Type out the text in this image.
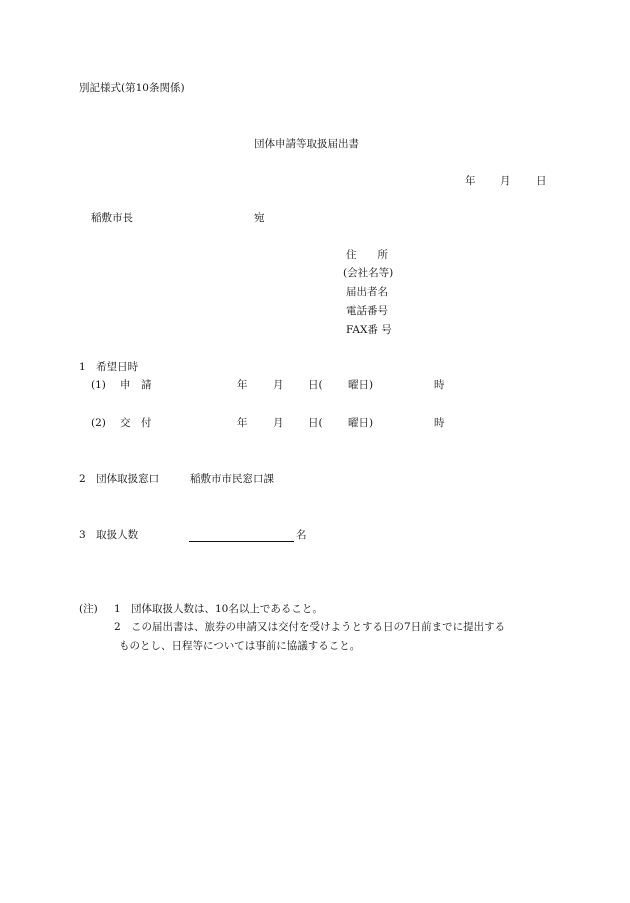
別記様式(第10条関係)
団体申請等取扱届出書
年 月 日
稲敷市長	宛
住　　所
(会社名等)
届出者名
電話番号
FAX番 号
1　希望日時
(1) 申　請	年 月 日( 曜日)	時
(2) 交　付	年 月 日( 曜日)	時
2　団体取扱窓口	稲敷市市民窓口課
3　取扱人数	名
(注) 1 団体取扱人数は、10名以上であること。
2 この届出書は、旅券の申請又は交付を受けようとする日の7日前までに提出する
ものとし、日程等については事前に協議すること。
